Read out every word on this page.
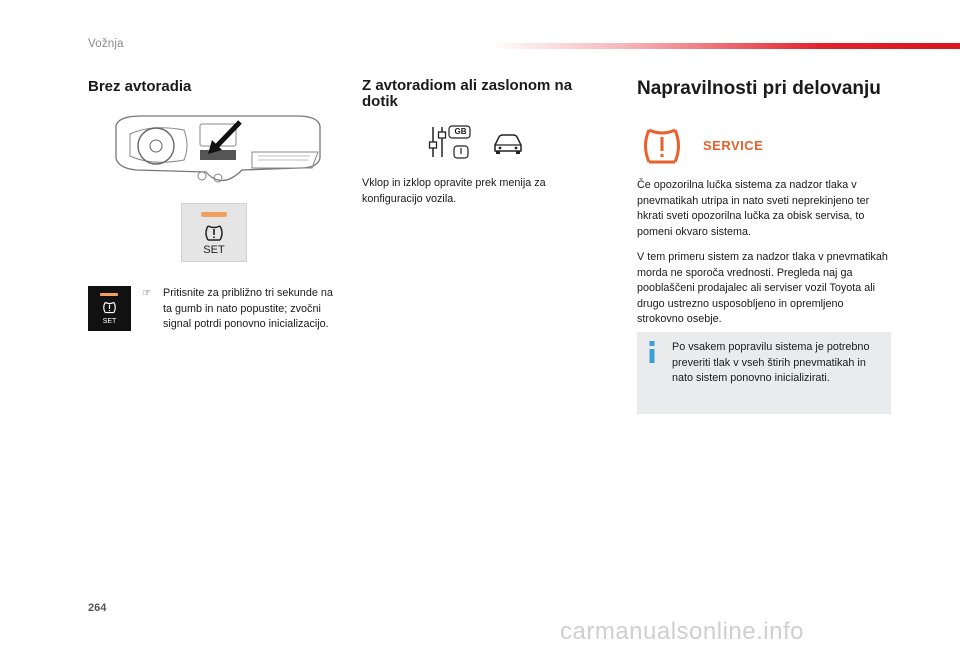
Vožnja
Brez avtoradia
SET
SET
☞ Pritisnite za približno tri sekunde na ta gumb in nato popustite; zvočni signal potrdi ponovno inicializacijo.
Z avtoradiom ali zaslonom na dotik
GB
I
Vklop in izklop opravite prek menija za konfiguracijo vozila.
Napravilnosti pri delovanju
SERVICE
Če opozorilna lučka sistema za nadzor tlaka v pnevmatikah utripa in nato sveti neprekinjeno ter hkrati sveti opozorilna lučka za obisk servisa, to pomeni okvaro sistema.
V tem primeru sistem za nadzor tlaka v pnevmatikah morda ne sporoča vrednosti. Pregleda naj ga pooblaščeni prodajalec ali serviser vozil Toyota ali drugo ustrezno usposobljeno in opremljeno strokovno osebje.
Po vsakem popravilu sistema je potrebno preveriti tlak v vseh štirih pnevmatikah in nato sistem ponovno inicializirati.
264
carmanualsonline.info
